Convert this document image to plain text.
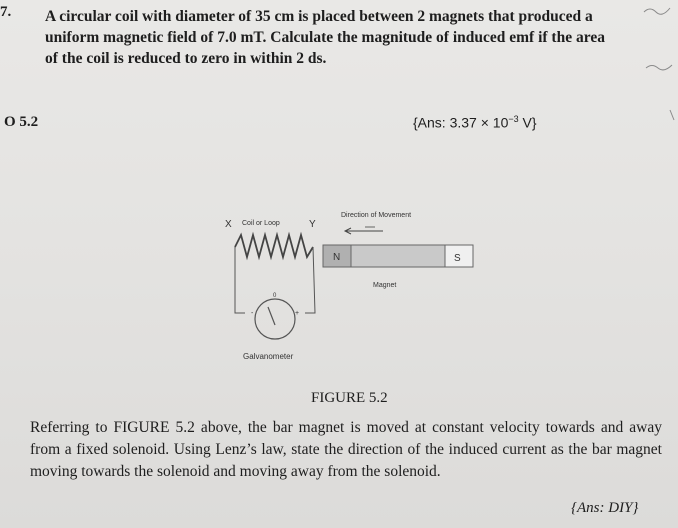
7. A circular coil with diameter of 35 cm is placed between 2 magnets that produced a uniform magnetic field of 7.0 mT. Calculate the magnitude of induced emf if the area of the coil is reduced to zero in within 2 ds.
O 5.2	{Ans: $3.37 \times 10^{-3}$ V}
X Coil or Loop	Y
0
-	+
Galvanometer
Direction of Movement
N	S
Magnet
FIGURE 5.2
Referring to FIGURE 5.2 above, the bar magnet is moved at constant velocity towards and away from a fixed solenoid. Using Lenz’s law, state the direction of the induced current as the bar magnet moving towards the solenoid and moving away from the solenoid.
{Ans: DIY}
